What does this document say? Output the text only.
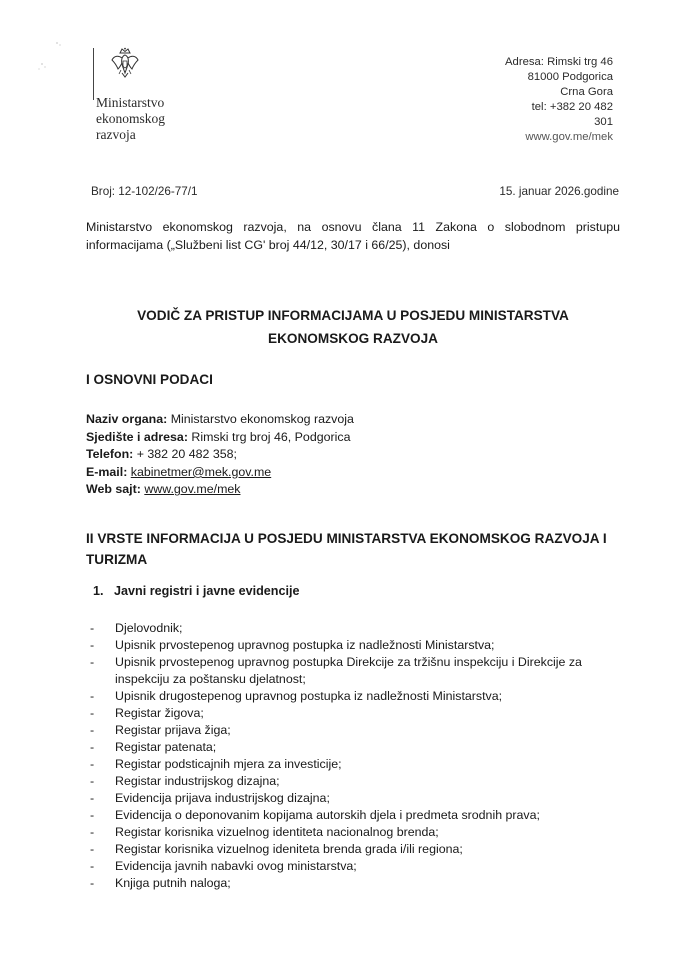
Ministarstvo
ekonomskog
razvoja
Adresa: Rimski trg 46
81000 Podgorica
Crna Gora
tel: +382 20 482
301
www.gov.me/mek
Broj: 12-102/26-77/1	15. januar 2026.godine
Ministarstvo ekonomskog razvoja, na osnovu člana 11 Zakona o slobodnom pristupu informacijama („Službeni list CG' broj 44/12, 30/17 i 66/25), donosi
VODIČ ZA PRISTUP INFORMACIJAMA U POSJEDU MINISTARSTVA
EKONOMSKOG RAZVOJA
I OSNOVNI PODACI
Naziv organa: Ministarstvo ekonomskog razvoja
Sjedište i adresa: Rimski trg broj 46, Podgorica
Telefon: + 382 20 482 358;
E-mail: kabinetmer@mek.gov.me
Web sajt: www.gov.me/mek
II VRSTE INFORMACIJA U POSJEDU MINISTARSTVA EKONOMSKOG RAZVOJA I TURIZMA
1. Javni registri i javne evidencije
- Djelovodnik;
- Upisnik prvostepenog upravnog postupka iz nadležnosti Ministarstva;
- Upisnik prvostepenog upravnog postupka Direkcije za tržišnu inspekciju i Direkcije za inspekciju za poštansku djelatnost;
- Upisnik drugostepenog upravnog postupka iz nadležnosti Ministarstva;
- Registar žigova;
- Registar prijava žiga;
- Registar patenata;
- Registar podsticajnih mjera za investicije;
- Registar industrijskog dizajna;
- Evidencija prijava industrijskog dizajna;
- Evidencija o deponovanim kopijama autorskih djela i predmeta srodnih prava;
- Registar korisnika vizuelnog identiteta nacionalnog brenda;
- Registar korisnika vizuelnog ideniteta brenda grada i/ili regiona;
- Evidencija javnih nabavki ovog ministarstva;
- Knjiga putnih naloga;
